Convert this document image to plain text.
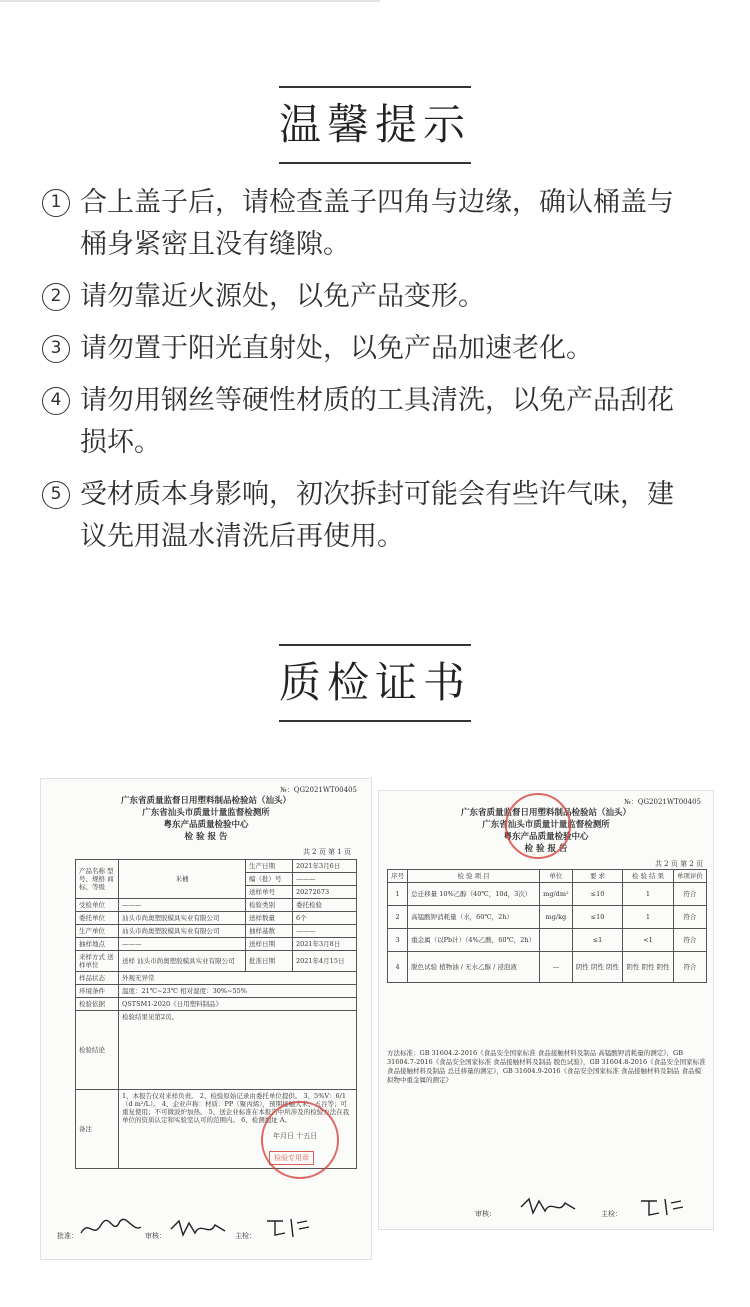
温馨提示
1 合上盖子后，请检查盖子四角与边缘，确认桶盖与桶身紧密且没有缝隙。
2 请勿靠近火源处，以免产品变形。
3 请勿置于阳光直射处，以免产品加速老化。
4 请勿用钢丝等硬性材质的工具清洗，以免产品刮花损坏。
5 受材质本身影响，初次拆封可能会有些许气味，建议先用温水清洗后再使用。
质检证书
№：QG2021WT00405
广东省质量监督日用塑料制品检验站（汕头）
广东省汕头市质量计量监督检测所
粤东产品质量检验中心
检 验 报 告
共 2 页 第 1 页
产品名称 型号、规格 商标、等级	米桶	生产日期	2021年3月6日
		编（批）号	———
		送样单号	20272673
受检单位	———	检验类别	委托检验
委托单位	汕头市尚奥塑胶模具实业有限公司	送样数量	6个
生产单位	汕头市尚奥塑胶模具实业有限公司	抽样基数	———
抽样地点	———	送样日期	2021年3月8日
来样方式 送样单位	送样 汕头市尚奥塑胶模具实业有限公司	批准日期	2021年4月15日
样品状态	外观无异常		
环境条件	温度：21℃~23℃ 相对湿度：30%~55%		
检验依据	QSTSM1-2020《日用塑料制品》		
检验结论	检验结果见第2页。		
备注	1、本报告仅对来样负责。 2、检验原始记录由委托单位提供。 3、5%V：6/1（d m²/L）。 4、企业声称：材质：PP（聚丙烯），预期接触大米、五谷等；可重复使用；不可微波炉加热。 5、送企业标准在本报告中所涉及的检验方法在我单位的资质认定和实验室认可的范围内。 6、检测地址 A。		
年月日 十五日
检验专用章
批准：	审核：	主检：
№：QG2021WT00405
广东省质量监督日用塑料制品检验站（汕头）
广东省汕头市质量计量监督检测所
粤东产品质量检验中心
检 验 报 告
共 2 页 第 2 页
序号	检 验 项 目	单位	要 求	检 验 结 果	单项评价
1	总迁移量 10%乙醇（40℃，10d，3次）	mg/dm²	≤10	1	符合
2	高锰酸钾消耗量（水，60℃，2h）	mg/kg	≤10	1	符合
3	重金属（以Pb计）（4%乙酸，60℃，2h）		≤1	<1	符合
4	脱色试验 植物油 / 无水乙醇 / 浸泡液	—	阴性 阴性 阴性	阴性 阴性 阴性	符合
方法标准：GB 31604.2-2016《食品安全国家标准 食品接触材料及制品 高锰酸钾消耗量的测定》，GB 31604.7-2016《食品安全国家标准 食品接触材料及制品 脱色试验》，GB 31604.8-2016《食品安全国家标准 食品接触材料及制品 总迁移量的测定》，GB 31604.9-2016《食品安全国家标准 食品接触材料及制品 食品模拟物中重金属的测定》
审核：	主检：
